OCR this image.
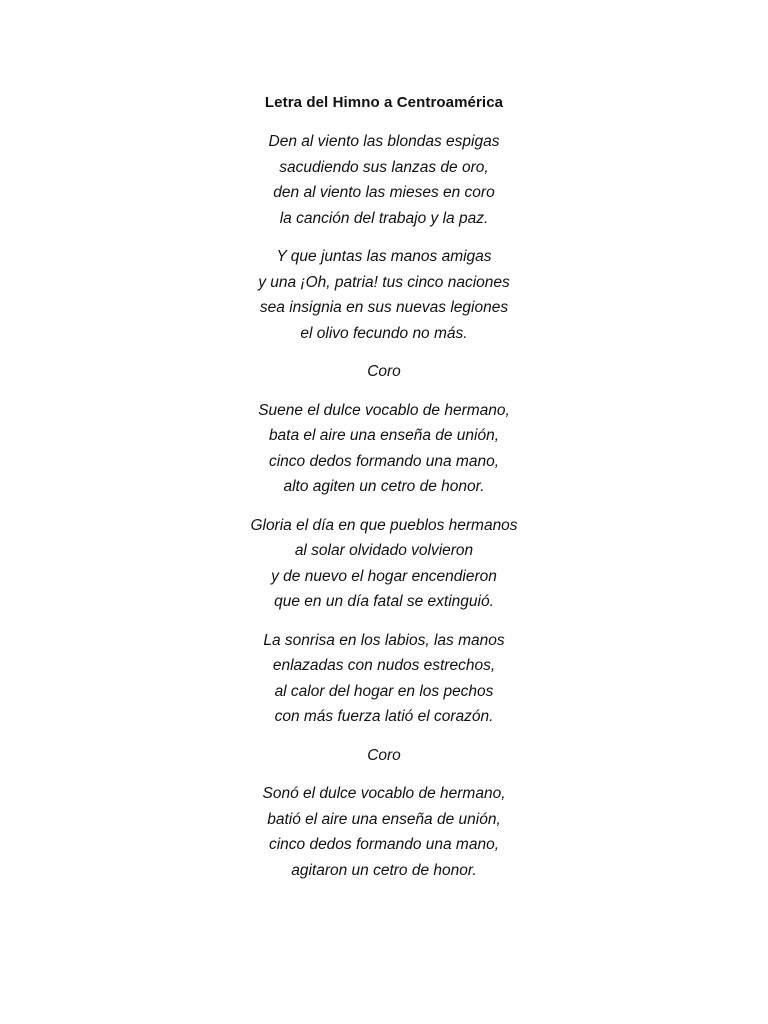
Letra del Himno a Centroamérica
Den al viento las blondas espigas
sacudiendo sus lanzas de oro,
den al viento las mieses en coro
la canción del trabajo y la paz.
Y que juntas las manos amigas
y una ¡Oh, patria! tus cinco naciones
sea insignia en sus nuevas legiones
el olivo fecundo no más.
Coro
Suene el dulce vocablo de hermano,
bata el aire una enseña de unión,
cinco dedos formando una mano,
alto agiten un cetro de honor.
Gloria el día en que pueblos hermanos
al solar olvidado volvieron
y de nuevo el hogar encendieron
que en un día fatal se extinguió.
La sonrisa en los labios, las manos
enlazadas con nudos estrechos,
al calor del hogar en los pechos
con más fuerza latió el corazón.
Coro
Sonó el dulce vocablo de hermano,
batió el aire una enseña de unión,
cinco dedos formando una mano,
agitaron un cetro de honor.
